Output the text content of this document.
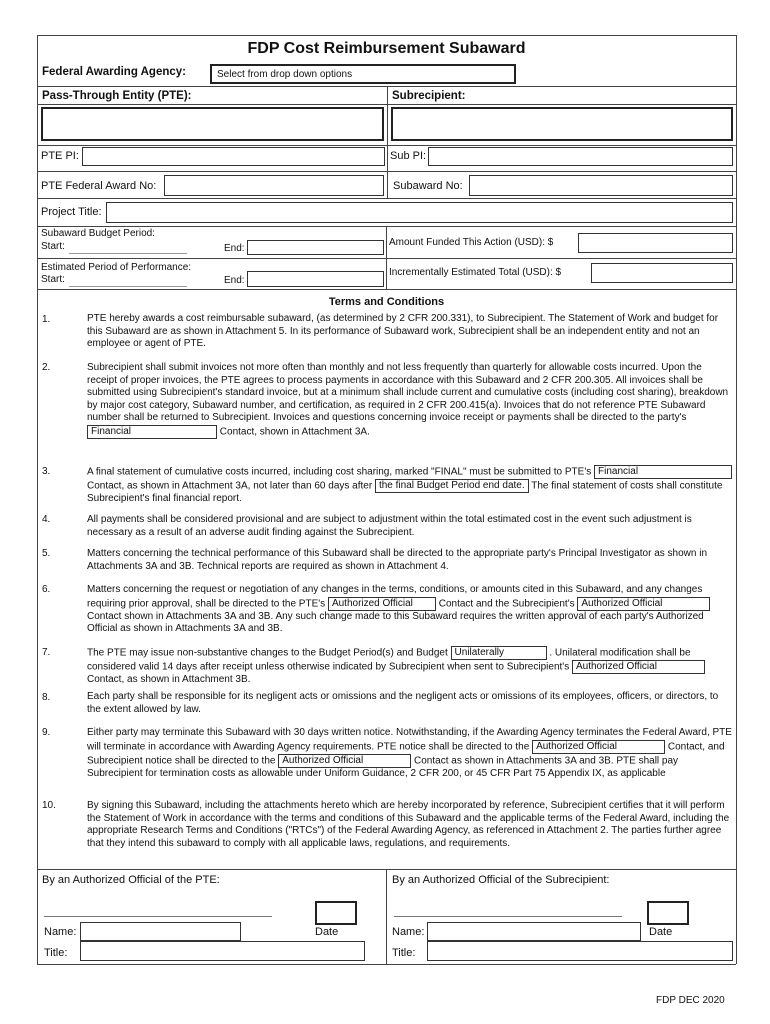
FDP Cost Reimbursement Subaward
Federal Awarding Agency:	Select from drop down options
Pass-Through Entity (PTE):	Subrecipient:
PTE PI:	Sub PI:
PTE Federal Award No:	Subaward No:
Project Title:
Subaward Budget Period:
Start:	End:
Amount Funded This Action (USD): $
Estimated Period of Performance:
Start:	End:
Incrementally Estimated Total (USD): $
Terms and Conditions
1.	PTE hereby awards a cost reimbursable subaward, (as determined by 2 CFR 200.331), to Subrecipient. The Statement of Work and budget for this Subaward are as shown in Attachment 5. In its performance of Subaward work, Subrecipient shall be an independent entity and not an employee or agent of PTE.

2.	Subrecipient shall submit invoices not more often than monthly and not less frequently than quarterly for allowable costs incurred. Upon the receipt of proper invoices, the PTE agrees to process payments in accordance with this Subaward and 2 CFR 200.305. All invoices shall be submitted using Subrecipient's standard invoice, but at a minimum shall include current and cumulative costs (including cost sharing), breakdown by major cost category, Subaward number, and certification, as required in 2 CFR 200.415(a). Invoices that do not reference PTE Subaward number shall be returned to Subrecipient. Invoices and questions concerning invoice receipt or payments shall be directed to the party's Financial	Contact, shown in Attachment 3A.

3.	A final statement of cumulative costs incurred, including cost sharing, marked "FINAL" must be submitted to PTE's Financial Contact, as shown in Attachment 3A, not later than 60 days after the final Budget Period end date. The final statement of costs shall constitute Subrecipient's final financial report.

4.	All payments shall be considered provisional and are subject to adjustment within the total estimated cost in the event such adjustment is necessary as a result of an adverse audit finding against the Subrecipient.

5.	Matters concerning the technical performance of this Subaward shall be directed to the appropriate party's Principal Investigator as shown in Attachments 3A and 3B. Technical reports are required as shown in Attachment 4.

6.	Matters concerning the request or negotiation of any changes in the terms, conditions, or amounts cited in this Subaward, and any changes requiring prior approval, shall be directed to the PTE's Authorized Official	Contact and the Subrecipient's Authorized Official Contact shown in Attachments 3A and 3B. Any such change made to this Subaward requires the written approval of each party's Authorized Official as shown in Attachments 3A and 3B.

7.	The PTE may issue non-substantive changes to the Budget Period(s) and Budget Unilaterally	. Unilateral modification shall be considered valid 14 days after receipt unless otherwise indicated by Subrecipient when sent to Subrecipient's Authorized Official Contact, as shown in Attachment 3B.

8.	Each party shall be responsible for its negligent acts or omissions and the negligent acts or omissions of its employees, officers, or directors, to the extent allowed by law.

9.	Either party may terminate this Subaward with 30 days written notice. Notwithstanding, if the Awarding Agency terminates the Federal Award, PTE will terminate in accordance with Awarding Agency requirements. PTE notice shall be directed to the Authorized Official	Contact, and Subrecipient notice shall be directed to the Authorized Official	Contact as shown in Attachments 3A and 3B. PTE shall pay Subrecipient for termination costs as allowable under Uniform Guidance, 2 CFR 200, or 45 CFR Part 75 Appendix IX, as applicable

10.	By signing this Subaward, including the attachments hereto which are hereby incorporated by reference, Subrecipient certifies that it will perform the Statement of Work in accordance with the terms and conditions of this Subaward and the applicable terms of the Federal Award, including the appropriate Research Terms and Conditions ("RTCs") of the Federal Awarding Agency, as referenced in Attachment 2. The parties further agree that they intend this subaward to comply with all applicable laws, regulations, and requirements.

By an Authorized Official of the PTE:	By an Authorized Official of the Subrecipient:
Name:	Date	Name:	Date
Title:	Title:
FDP DEC 2020
